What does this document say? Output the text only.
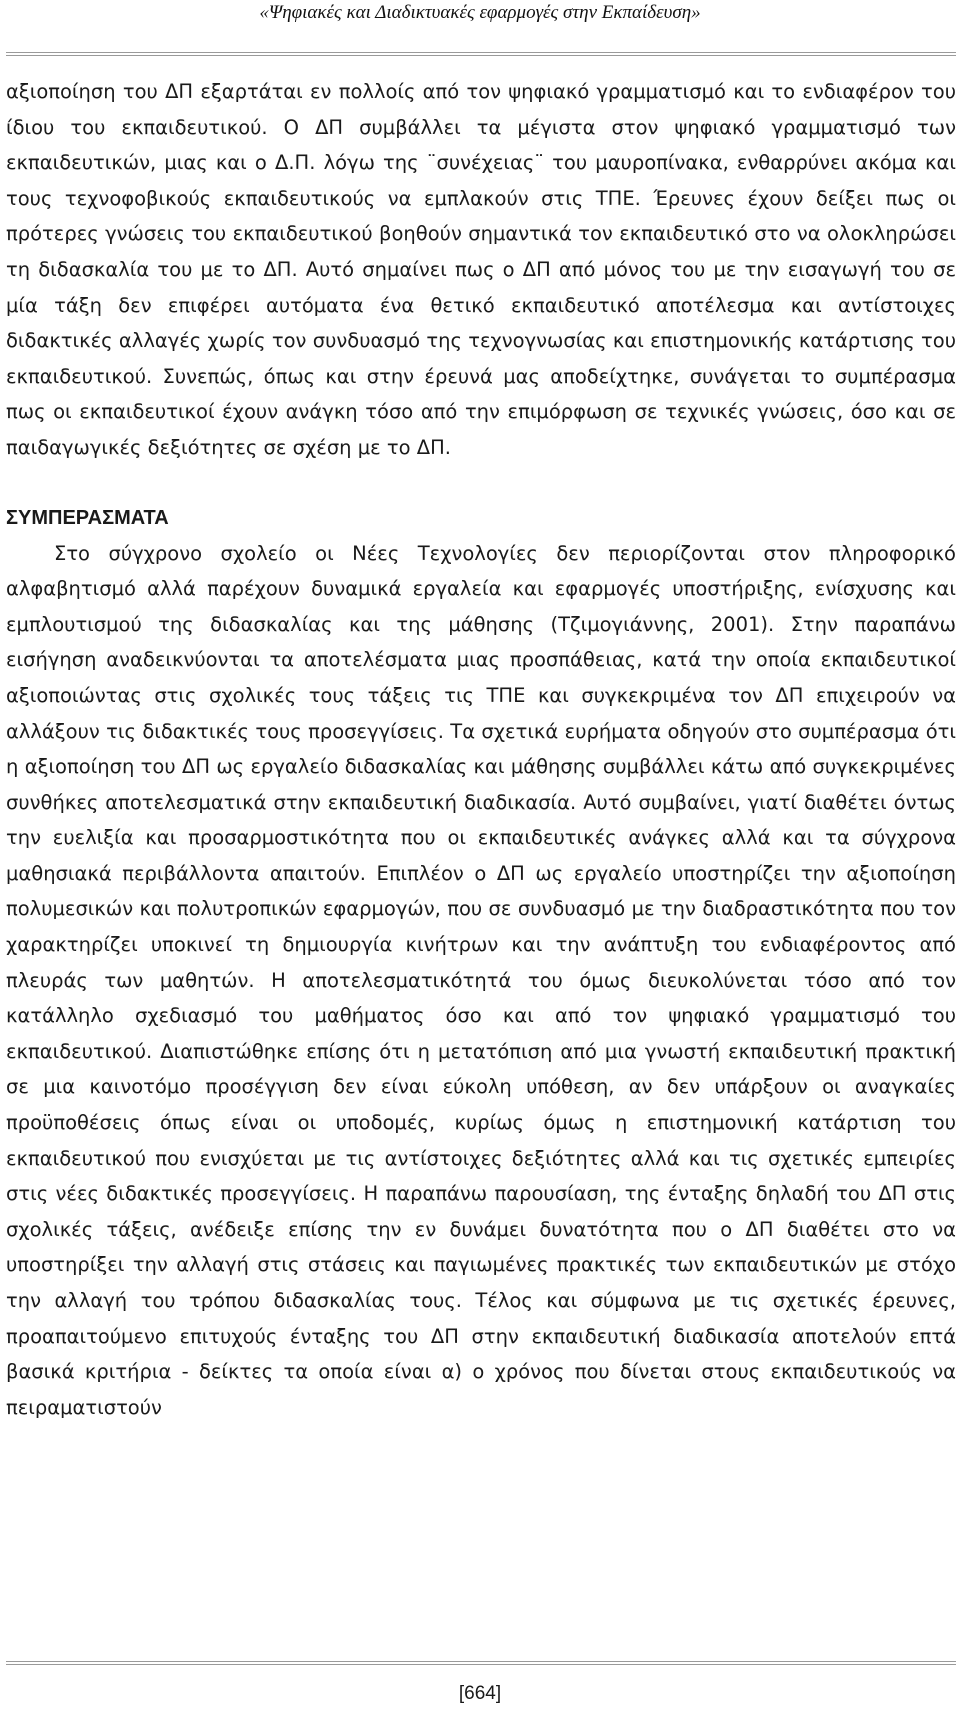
«Ψηφιακές και Διαδικτυακές εφαρμογές στην Εκπαίδευση»

αξιοποίηση του ΔΠ εξαρτάται εν πολλοίς από τον ψηφιακό γραμματισμό και το ενδιαφέρον του ίδιου του εκπαιδευτικού. Ο ΔΠ συμβάλλει τα μέγιστα στον ψηφιακό γραμματισμό των εκπαιδευτικών, μιας και ο Δ.Π. λόγω της ¨συνέχειας¨ του μαυροπίνακα, ενθαρρύνει ακόμα και τους τεχνοφοβικούς εκπαιδευτικούς να εμπλακούν στις ΤΠΕ. Έρευνες έχουν δείξει πως οι πρότερες γνώσεις του εκπαιδευτικού βοηθούν σημαντικά τον εκπαιδευτικό στο να ολοκληρώσει τη διδασκαλία του με το ΔΠ. Αυτό σημαίνει πως ο ΔΠ από μόνος του με την εισαγωγή του σε μία τάξη δεν επιφέρει αυτόματα ένα θετικό εκπαιδευτικό αποτέλεσμα και αντίστοιχες διδακτικές αλλαγές χωρίς τον συνδυασμό της τεχνογνωσίας και επιστημονικής κατάρτισης του εκπαιδευτικού. Συνεπώς, όπως και στην έρευνά μας αποδείχτηκε, συνάγεται το συμπέρασμα πως οι εκπαιδευτικοί έχουν ανάγκη τόσο από την επιμόρφωση σε τεχνικές γνώσεις, όσο και σε παιδαγωγικές δεξιότητες σε σχέση με το ΔΠ.

ΣΥΜΠΕΡΑΣΜΑΤΑ

Στο σύγχρονο σχολείο οι Νέες Τεχνολογίες δεν περιορίζονται στον πληροφορικό αλφαβητισμό αλλά παρέχουν δυναμικά εργαλεία και εφαρμογές υποστήριξης, ενίσχυσης και εμπλουτισμού της διδασκαλίας και της μάθησης (Τζιμογιάννης, 2001). Στην παραπάνω εισήγηση αναδεικνύονται τα αποτελέσματα μιας προσπάθειας, κατά την οποία εκπαιδευτικοί αξιοποιώντας στις σχολικές τους τάξεις τις ΤΠΕ και συγκεκριμένα τον ΔΠ επιχειρούν να αλλάξουν τις διδακτικές τους προσεγγίσεις. Τα σχετικά ευρήματα οδηγούν στο συμπέρασμα ότι η αξιοποίηση του ΔΠ ως εργαλείο διδασκαλίας και μάθησης συμβάλλει κάτω από συγκεκριμένες συνθήκες αποτελεσματικά στην εκπαιδευτική διαδικασία. Αυτό συμβαίνει, γιατί διαθέτει όντως την ευελιξία και προσαρμοστικότητα που οι εκπαιδευτικές ανάγκες αλλά και τα σύγχρονα μαθησιακά περιβάλλοντα απαιτούν. Επιπλέον ο ΔΠ ως εργαλείο υποστηρίζει την αξιοποίηση πολυμεσικών και πολυτροπικών εφαρμογών, που σε συνδυασμό με την διαδραστικότητα που τον χαρακτηρίζει υποκινεί τη δημιουργία κινήτρων και την ανάπτυξη του ενδιαφέροντος από πλευράς των μαθητών. Η αποτελεσματικότητά του όμως διευκολύνεται τόσο από τον κατάλληλο σχεδιασμό του μαθήματος όσο και από τον ψηφιακό γραμματισμό του εκπαιδευτικού. Διαπιστώθηκε επίσης ότι η μετατόπιση από μια γνωστή εκπαιδευτική πρακτική σε μια καινοτόμο προσέγγιση δεν είναι εύκολη υπόθεση, αν δεν υπάρξουν οι αναγκαίες προϋποθέσεις όπως είναι οι υποδομές, κυρίως όμως η επιστημονική κατάρτιση του εκπαιδευτικού που ενισχύεται με τις αντίστοιχες δεξιότητες αλλά και τις σχετικές εμπειρίες στις νέες διδακτικές προσεγγίσεις. Η παραπάνω παρουσίαση, της ένταξης δηλαδή του ΔΠ στις σχολικές τάξεις, ανέδειξε επίσης την εν δυνάμει δυνατότητα που ο ΔΠ διαθέτει στο να υποστηρίξει την αλλαγή στις στάσεις και παγιωμένες πρακτικές των εκπαιδευτικών με στόχο την αλλαγή του τρόπου διδασκαλίας τους. Τέλος και σύμφωνα με τις σχετικές έρευνες, προαπαιτούμενο επιτυχούς ένταξης του ΔΠ στην εκπαιδευτική διαδικασία αποτελούν επτά βασικά κριτήρια - δείκτες τα οποία είναι α) ο χρόνος που δίνεται στους εκπαιδευτικούς να πειραματιστούν

[664]
